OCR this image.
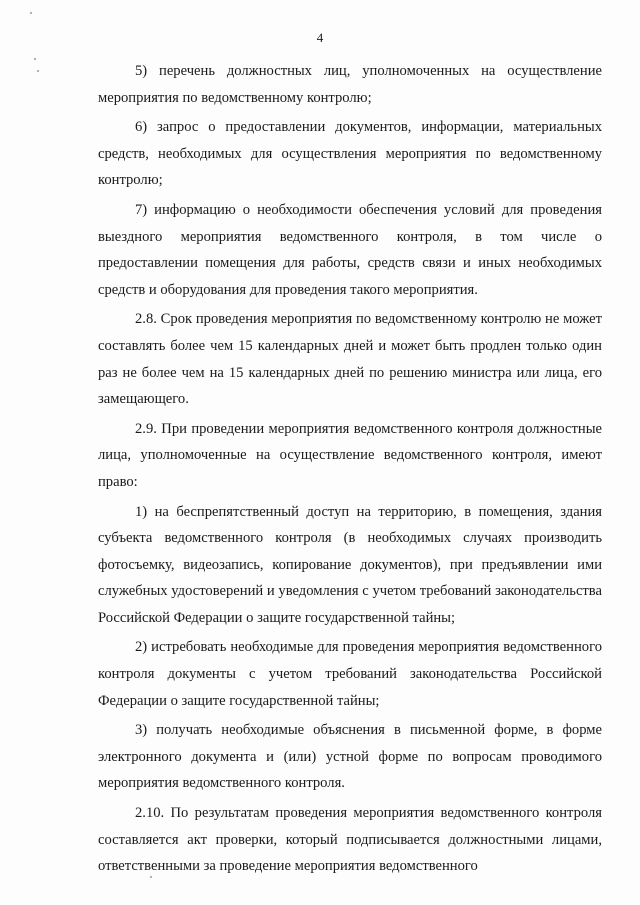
4

5) перечень должностных лиц, уполномоченных на осуществление мероприятия по ведомственному контролю;

6) запрос о предоставлении документов, информации, материальных средств, необходимых для осуществления мероприятия по ведомственному контролю;

7) информацию о необходимости обеспечения условий для проведения выездного мероприятия ведомственного контроля, в том числе о предоставлении помещения для работы, средств связи и иных необходимых средств и оборудования для проведения такого мероприятия.

2.8. Срок проведения мероприятия по ведомственному контролю не может составлять более чем 15 календарных дней и может быть продлен только один раз не более чем на 15 календарных дней по решению министра или лица, его замещающего.

2.9. При проведении мероприятия ведомственного контроля должностные лица, уполномоченные на осуществление ведомственного контроля, имеют право:

1) на беспрепятственный доступ на территорию, в помещения, здания субъекта ведомственного контроля (в необходимых случаях производить фотосъемку, видеозапись, копирование документов), при предъявлении ими служебных удостоверений и уведомления с учетом требований законодательства Российской Федерации о защите государственной тайны;

2) истребовать необходимые для проведения мероприятия ведомственного контроля документы с учетом требований законодательства Российской Федерации о защите государственной тайны;

3) получать необходимые объяснения в письменной форме, в форме электронного документа и (или) устной форме по вопросам проводимого мероприятия ведомственного контроля.

2.10. По результатам проведения мероприятия ведомственного контроля составляется акт проверки, который подписывается должностными лицами, ответственными за проведение мероприятия ведомственного
